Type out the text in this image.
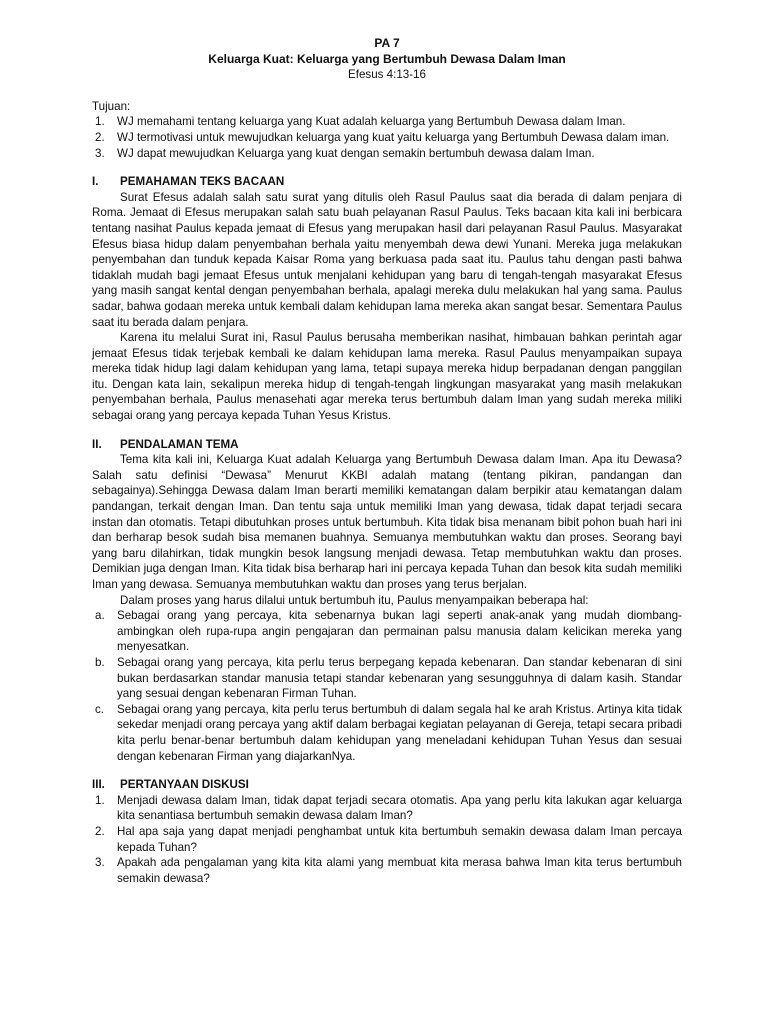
PA 7
Keluarga Kuat: Keluarga yang Bertumbuh Dewasa Dalam Iman
Efesus 4:13-16
Tujuan:
1. WJ memahami tentang keluarga yang Kuat adalah keluarga yang Bertumbuh Dewasa dalam Iman.
2. WJ termotivasi untuk mewujudkan keluarga yang kuat yaitu keluarga yang Bertumbuh Dewasa dalam iman.
3. WJ dapat mewujudkan Keluarga yang kuat dengan semakin bertumbuh dewasa dalam Iman.
I. PEMAHAMAN TEKS BACAAN

Surat Efesus adalah salah satu surat yang ditulis oleh Rasul Paulus saat dia berada di dalam penjara di Roma. Jemaat di Efesus merupakan salah satu buah pelayanan Rasul Paulus. Teks bacaan kita kali ini berbicara tentang nasihat Paulus kepada jemaat di Efesus yang merupakan hasil dari pelayanan Rasul Paulus. Masyarakat Efesus biasa hidup dalam penyembahan berhala yaitu menyembah dewa dewi Yunani. Mereka juga melakukan penyembahan dan tunduk kepada Kaisar Roma yang berkuasa pada saat itu. Paulus tahu dengan pasti bahwa tidaklah mudah bagi jemaat Efesus untuk menjalani kehidupan yang baru di tengah-tengah masyarakat Efesus yang masih sangat kental dengan penyembahan berhala, apalagi mereka dulu melakukan hal yang sama. Paulus sadar, bahwa godaan mereka untuk kembali dalam kehidupan lama mereka akan sangat besar. Sementara Paulus saat itu berada dalam penjara.

Karena itu melalui Surat ini, Rasul Paulus berusaha memberikan nasihat, himbauan bahkan perintah agar jemaat Efesus tidak terjebak kembali ke dalam kehidupan lama mereka. Rasul Paulus menyampaikan supaya mereka tidak hidup lagi dalam kehidupan yang lama, tetapi supaya mereka hidup berpadanan dengan panggilan itu. Dengan kata lain, sekalipun mereka hidup di tengah-tengah lingkungan masyarakat yang masih melakukan penyembahan berhala, Paulus menasehati agar mereka terus bertumbuh dalam Iman yang sudah mereka miliki sebagai orang yang percaya kepada Tuhan Yesus Kristus.

II. PENDALAMAN TEMA

Tema kita kali ini, Keluarga Kuat adalah Keluarga yang Bertumbuh Dewasa dalam Iman. Apa itu Dewasa? Salah satu definisi “Dewasa” Menurut KKBI adalah matang (tentang pikiran, pandangan dan sebagainya).Sehingga Dewasa dalam Iman berarti memiliki kematangan dalam berpikir atau kematangan dalam pandangan, terkait dengan Iman. Dan tentu saja untuk memiliki Iman yang dewasa, tidak dapat terjadi secara instan dan otomatis. Tetapi dibutuhkan proses untuk bertumbuh. Kita tidak bisa menanam bibit pohon buah hari ini dan berharap besok sudah bisa memanen buahnya. Semuanya membutuhkan waktu dan proses. Seorang bayi yang baru dilahirkan, tidak mungkin besok langsung menjadi dewasa. Tetap membutuhkan waktu dan proses. Demikian juga dengan Iman. Kita tidak bisa berharap hari ini percaya kepada Tuhan dan besok kita sudah memiliki Iman yang dewasa. Semuanya membutuhkan waktu dan proses yang terus berjalan.

Dalam proses yang harus dilalui untuk bertumbuh itu, Paulus menyampaikan beberapa hal:

a. Sebagai orang yang percaya, kita sebenarnya bukan lagi seperti anak-anak yang mudah diombang-ambingkan oleh rupa-rupa angin pengajaran dan permainan palsu manusia dalam kelicikan mereka yang menyesatkan.
b. Sebagai orang yang percaya, kita perlu terus berpegang kepada kebenaran. Dan standar kebenaran di sini bukan berdasarkan standar manusia tetapi standar kebenaran yang sesungguhnya di dalam kasih. Standar yang sesuai dengan kebenaran Firman Tuhan.
c. Sebagai orang yang percaya, kita perlu terus bertumbuh di dalam segala hal ke arah Kristus. Artinya kita tidak sekedar menjadi orang percaya yang aktif dalam berbagai kegiatan pelayanan di Gereja, tetapi secara pribadi kita perlu benar-benar bertumbuh dalam kehidupan yang meneladani kehidupan Tuhan Yesus dan sesuai dengan kebenaran Firman yang diajarkanNya.
III. PERTANYAAN DISKUSI
1. Menjadi dewasa dalam Iman, tidak dapat terjadi secara otomatis. Apa yang perlu kita lakukan agar keluarga kita senantiasa bertumbuh semakin dewasa dalam Iman?
2. Hal apa saja yang dapat menjadi penghambat untuk kita bertumbuh semakin dewasa dalam Iman percaya kepada Tuhan?
3. Apakah ada pengalaman yang kita kita alami yang membuat kita merasa bahwa Iman kita terus bertumbuh semakin dewasa?
